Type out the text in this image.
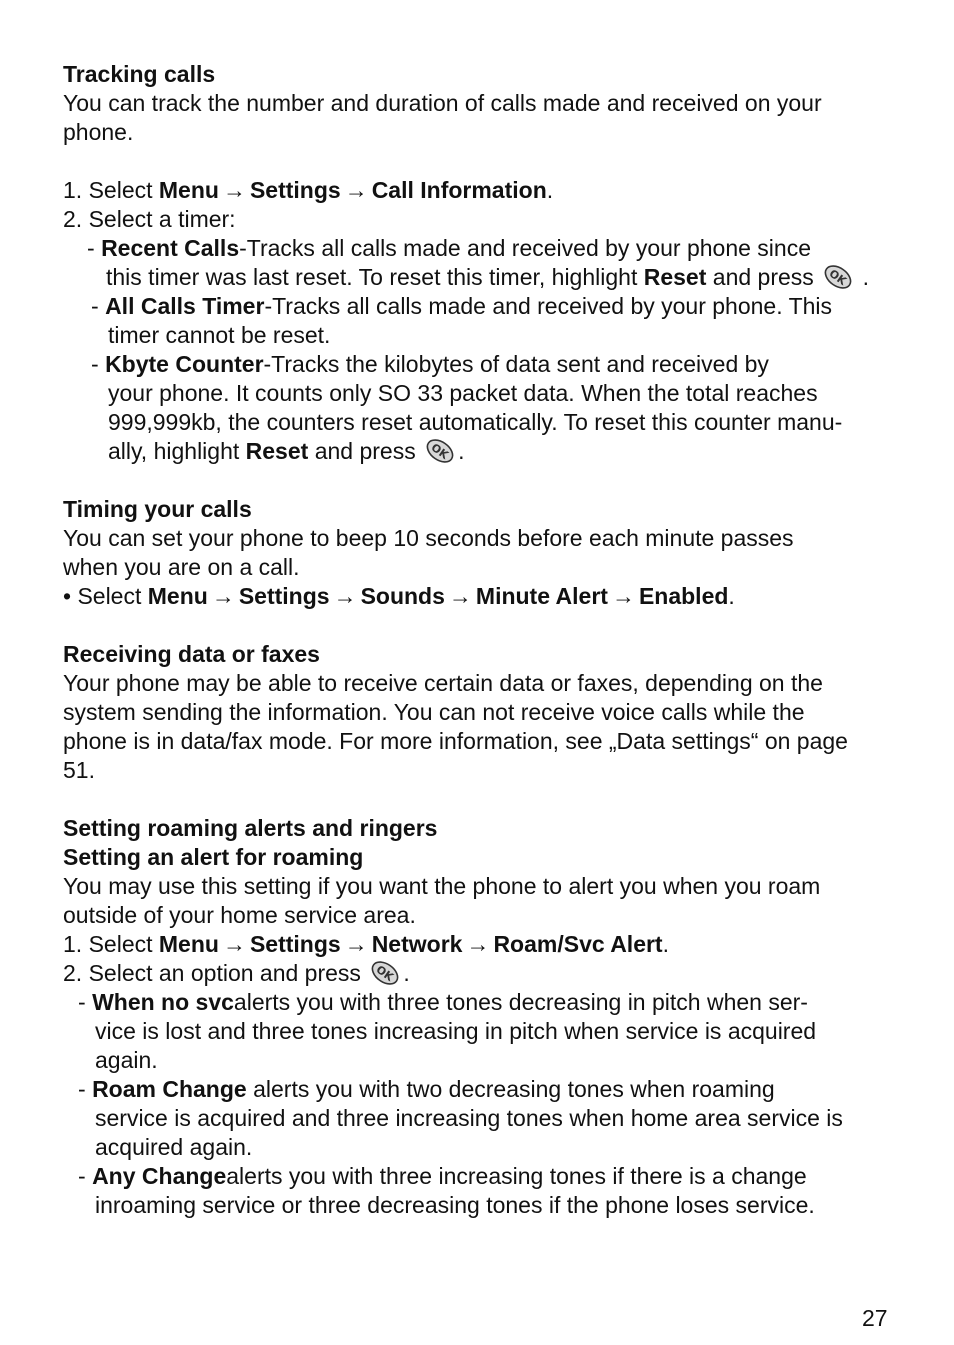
Tracking calls
You can track the number and duration of calls made and received on your
phone.
1. Select Menu → Settings → Call Information.
2. Select a timer:
- Recent Calls-Tracks all calls made and received by your phone since
this timer was last reset. To reset this timer, highlight Reset and press OK .
- All Calls Timer-Tracks all calls made and received by your phone. This
timer cannot be reset.
- Kbyte Counter-Tracks the kilobytes of data sent and received by
your phone. It counts only SO 33 packet data. When the total reaches
999,999kb, the counters reset automatically. To reset this counter manu-
ally, highlight Reset and press OK .
Timing your calls
You can set your phone to beep 10 seconds before each minute passes
when you are on a call.
• Select Menu → Settings → Sounds → Minute Alert → Enabled.
Receiving data or faxes
Your phone may be able to receive certain data or faxes, depending on the
system sending the information. You can not receive voice calls while the
phone is in data/fax mode. For more information, see „Data settings“ on page
51.
Setting roaming alerts and ringers
Setting an alert for roaming
You may use this setting if you want the phone to alert you when you roam
outside of your home service area.
1. Select Menu → Settings → Network → Roam/Svc Alert.
2. Select an option and press OK .
- When no svcalerts you with three tones decreasing in pitch when ser-
vice is lost and three tones increasing in pitch when service is acquired
again.
- Roam Change alerts you with two decreasing tones when roaming
service is acquired and three increasing tones when home area service is
acquired again.
- Any Changealerts you with three increasing tones if there is a change
inroaming service or three decreasing tones if the phone loses service.
27
